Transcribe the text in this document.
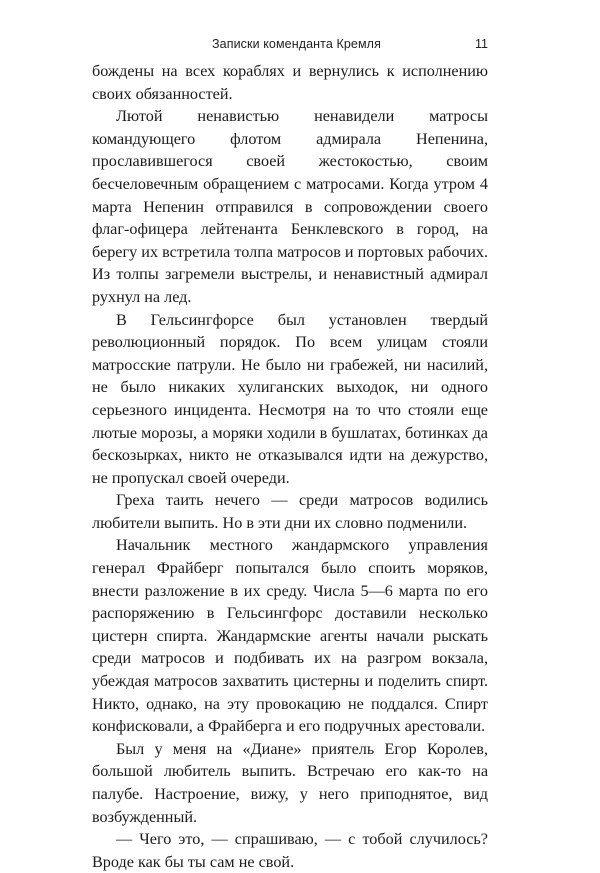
Записки коменданта Кремля	11

бождены на всех кораблях и вернулись к исполнению своих обязанностей.

Лютой ненавистью ненавидели матросы командующего флотом адмирала Непенина, прославившегося своей жестокостью, своим бесчеловечным обращением с матросами. Когда утром 4 марта Непенин отправился в сопровождении своего флаг-офицера лейтенанта Бенклевского в город, на берегу их встретила толпа матросов и портовых рабочих. Из толпы загремели выстрелы, и ненавистный адмирал рухнул на лед.

В Гельсингфорсе был установлен твердый революционный порядок. По всем улицам стояли матросские патрули. Не было ни грабежей, ни насилий, не было никаких хулиганских выходок, ни одного серьезного инцидента. Несмотря на то что стояли еще лютые морозы, а моряки ходили в бушлатах, ботинках да бескозырках, никто не отказывался идти на дежурство, не пропускал своей очереди.

Греха таить нечего — среди матросов водились любители выпить. Но в эти дни их словно подменили.

Начальник местного жандармского управления генерал Фрайберг попытался было споить моряков, внести разложение в их среду. Числа 5—6 марта по его распоряжению в Гельсингфорс доставили несколько цистерн спирта. Жандармские агенты начали рыскать среди матросов и подбивать их на разгром вокзала, убеждая матросов захватить цистерны и поделить спирт. Никто, однако, на эту провокацию не поддался. Спирт конфисковали, а Фрайберга и его подручных арестовали.

Был у меня на «Диане» приятель Егор Королев, большой любитель выпить. Встречаю его как-то на палубе. Настроение, вижу, у него приподнятое, вид возбужденный.

— Чего это, — спрашиваю, — с тобой случилось? Вроде как бы ты сам не свой.
